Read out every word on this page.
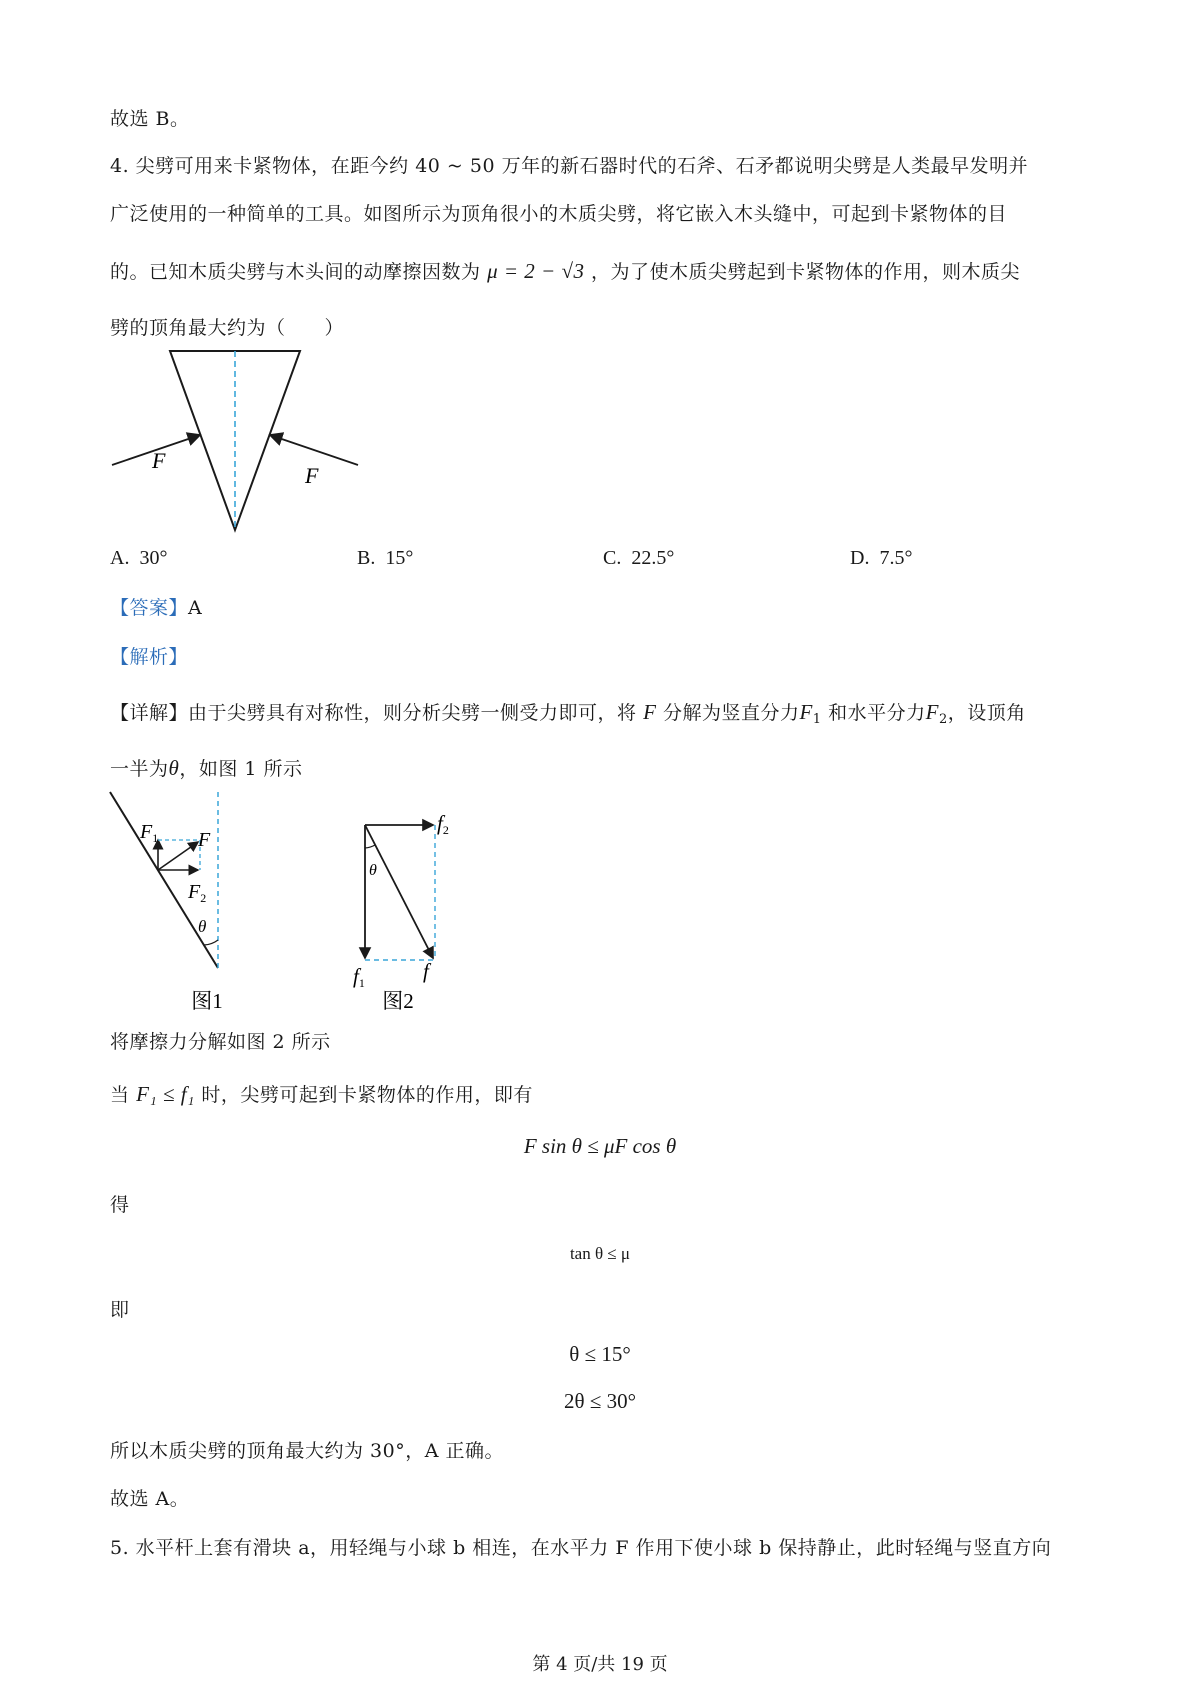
故选 B。
4. 尖劈可用来卡紧物体，在距今约 40 ~ 50 万年的新石器时代的石斧、石矛都说明尖劈是人类最早发明并
广泛使用的一种简单的工具。如图所示为顶角很小的木质尖劈，将它嵌入木头缝中，可起到卡紧物体的目
的。已知木质尖劈与木头间的动摩擦因数为 μ = 2 − √3 ，为了使木质尖劈起到卡紧物体的作用，则木质尖
劈的顶角最大约为（　　）
F
F
A. 30°	B. 15°	C. 22.5°	D. 7.5°
【答案】A
【解析】
【详解】由于尖劈具有对称性，则分析尖劈一侧受力即可，将 F 分解为竖直分力$F_1$ 和水平分力$F_2$，设顶角
一半为θ，如图 1 所示
$F_1$ F
$F_2$
θ
图1
f2
θ
f1	f
图2
将摩擦力分解如图 2 所示
当 F₁ ≤ f₁ 时，尖劈可起到卡紧物体的作用，即有
F sin θ ≤ μF cos θ
得
tan θ ≤ μ
即
θ ≤ 15°
2θ ≤ 30°
所以木质尖劈的顶角最大约为 30°，A 正确。
故选 A。
5. 水平杆上套有滑块 a，用轻绳与小球 b 相连，在水平力 F 作用下使小球 b 保持静止，此时轻绳与竖直方向
第 4 页/共 19 页
